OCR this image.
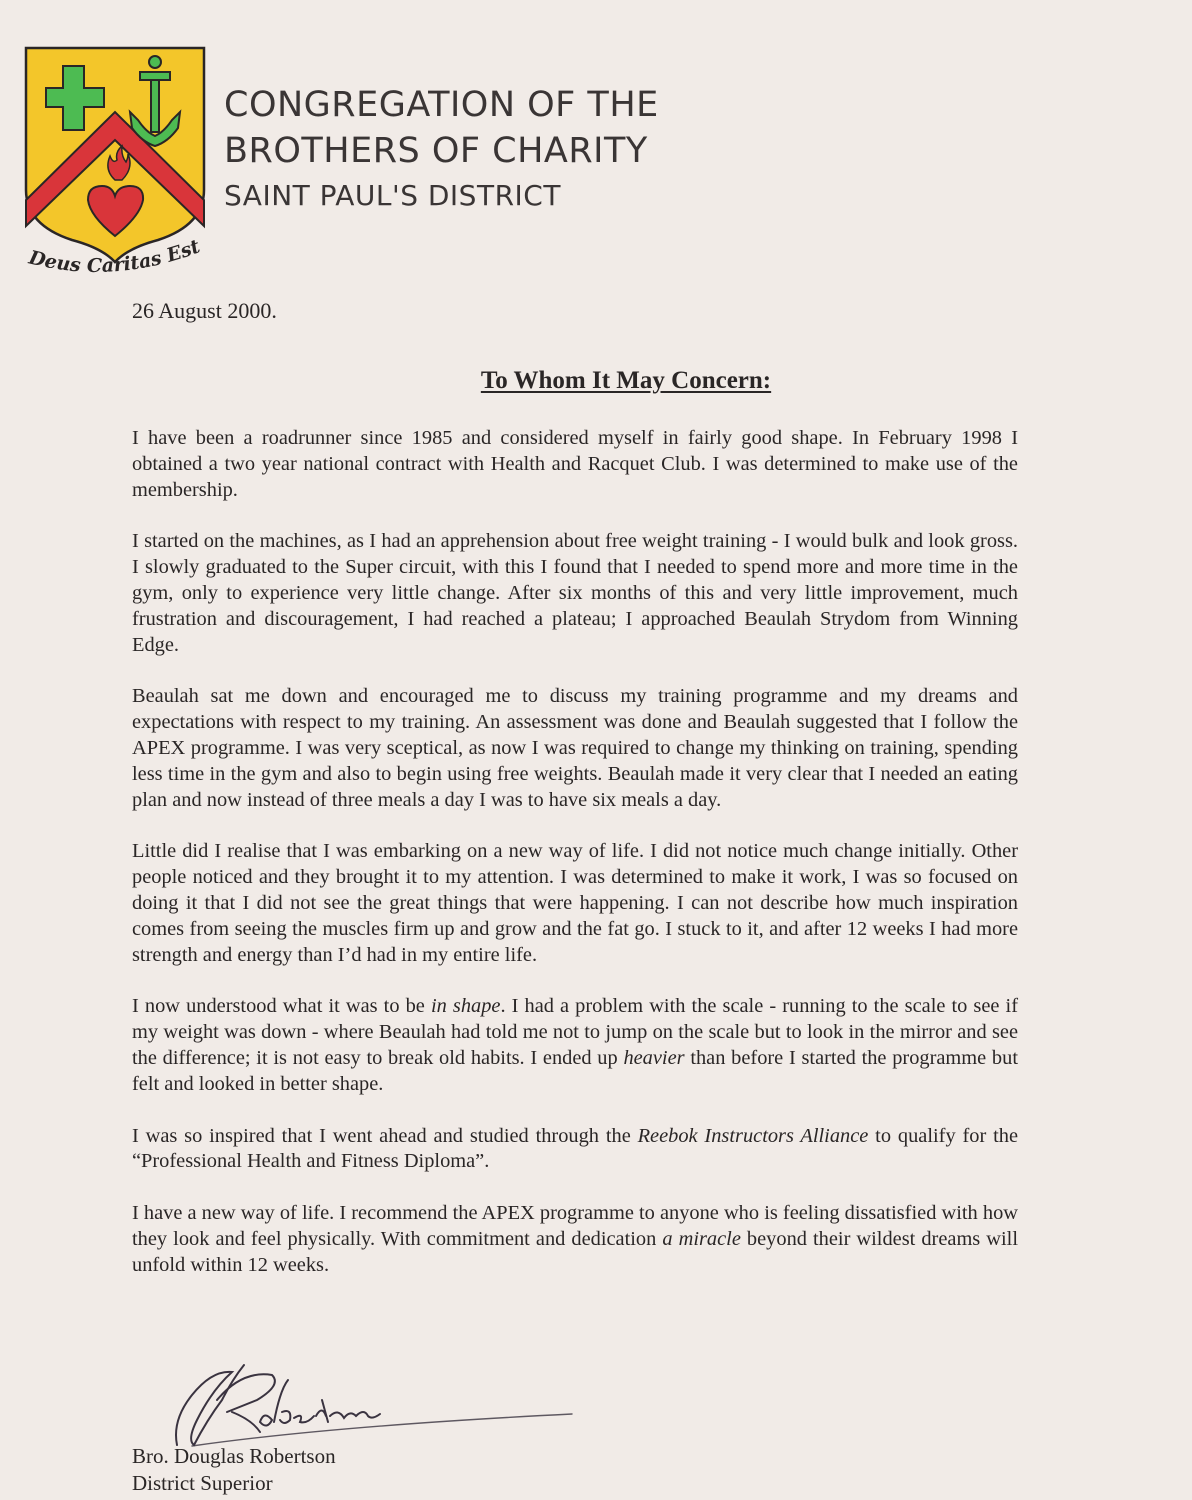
Deus Caritas Est
CONGREGATION OF THE
BROTHERS OF CHARITY
SAINT PAUL'S DISTRICT
26 August 2000.
To Whom It May Concern:

I have been a roadrunner since 1985 and considered myself in fairly good shape. In February 1998 I obtained a two year national contract with Health and Racquet Club. I was determined to make use of the membership.

I started on the machines, as I had an apprehension about free weight training - I would bulk and look gross. I slowly graduated to the Super circuit, with this I found that I needed to spend more and more time in the gym, only to experience very little change. After six months of this and very little improvement, much frustration and discouragement, I had reached a plateau; I approached Beaulah Strydom from Winning Edge.

Beaulah sat me down and encouraged me to discuss my training programme and my dreams and expectations with respect to my training. An assessment was done and Beaulah suggested that I follow the APEX programme. I was very sceptical, as now I was required to change my thinking on training, spending less time in the gym and also to begin using free weights. Beaulah made it very clear that I needed an eating plan and now instead of three meals a day I was to have six meals a day.

Little did I realise that I was embarking on a new way of life. I did not notice much change initially. Other people noticed and they brought it to my attention. I was determined to make it work, I was so focused on doing it that I did not see the great things that were happening. I can not describe how much inspiration comes from seeing the muscles firm up and grow and the fat go. I stuck to it, and after 12 weeks I had more strength and energy than I’d had in my entire life.

I now understood what it was to be in shape. I had a problem with the scale - running to the scale to see if my weight was down - where Beaulah had told me not to jump on the scale but to look in the mirror and see the difference; it is not easy to break old habits. I ended up heavier than before I started the programme but felt and looked in better shape.

I was so inspired that I went ahead and studied through the Reebok Instructors Alliance to qualify for the “Professional Health and Fitness Diploma”.

I have a new way of life. I recommend the APEX programme to anyone who is feeling dissatisfied with how they look and feel physically. With commitment and dedication a miracle beyond their wildest dreams will unfold within 12 weeks.

Bro. Douglas Robertson
District Superior
